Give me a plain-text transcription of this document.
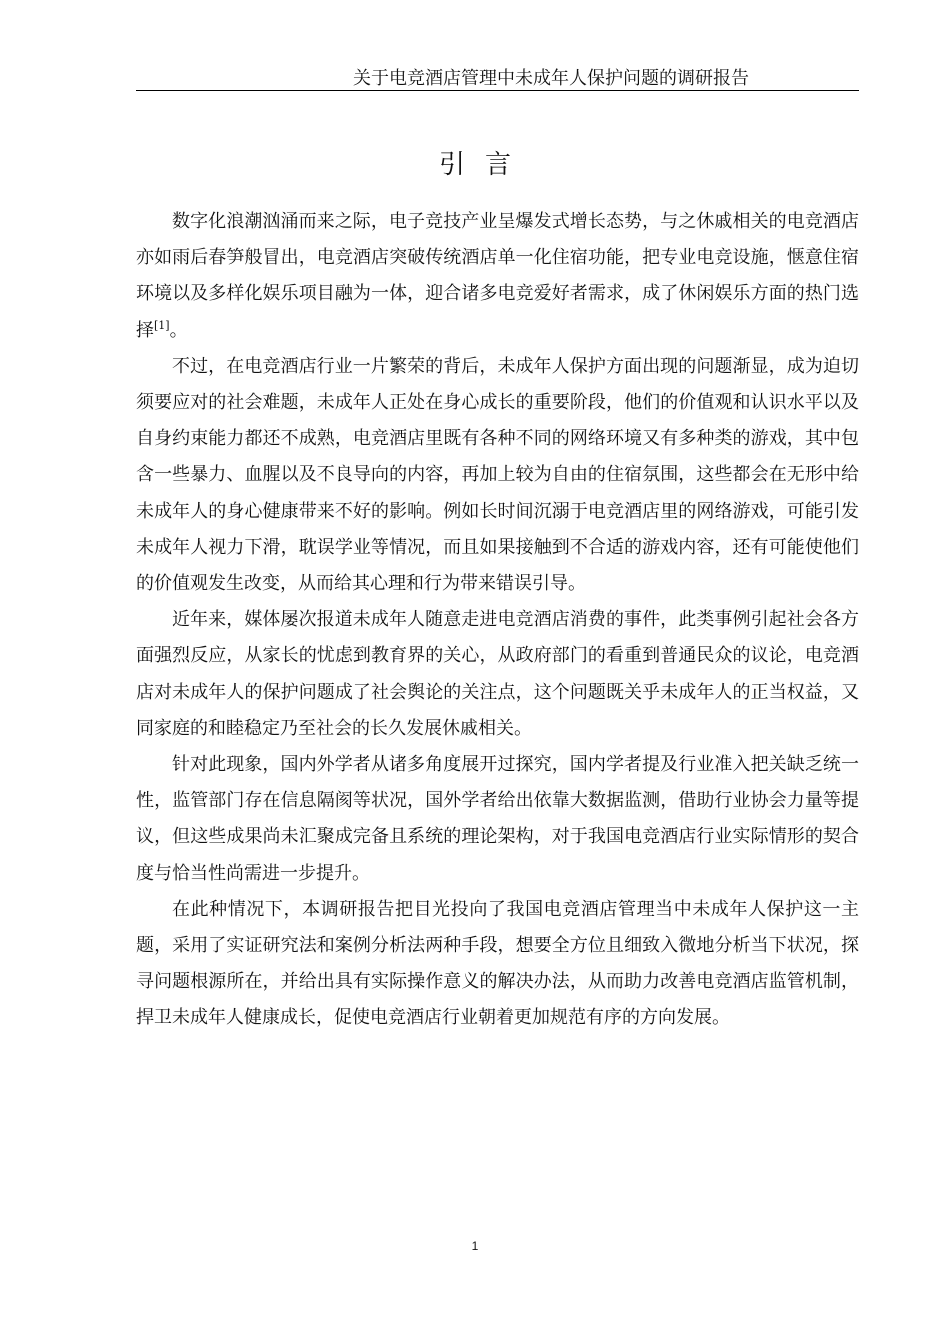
关于电竞酒店管理中未成年人保护问题的调研报告
引言

数字化浪潮汹涌而来之际，电子竞技产业呈爆发式增长态势，与之休戚相关的电竞酒店亦如雨后春笋般冒出，电竞酒店突破传统酒店单一化住宿功能，把专业电竞设施，惬意住宿环境以及多样化娱乐项目融为一体，迎合诸多电竞爱好者需求，成了休闲娱乐方面的热门选择[1]。

不过，在电竞酒店行业一片繁荣的背后，未成年人保护方面出现的问题渐显，成为迫切须要应对的社会难题，未成年人正处在身心成长的重要阶段，他们的价值观和认识水平以及自身约束能力都还不成熟，电竞酒店里既有各种不同的网络环境又有多种类的游戏，其中包含一些暴力、血腥以及不良导向的内容，再加上较为自由的住宿氛围，这些都会在无形中给未成年人的身心健康带来不好的影响。例如长时间沉溺于电竞酒店里的网络游戏，可能引发未成年人视力下滑，耽误学业等情况，而且如果接触到不合适的游戏内容，还有可能使他们的价值观发生改变，从而给其心理和行为带来错误引导。

近年来，媒体屡次报道未成年人随意走进电竞酒店消费的事件，此类事例引起社会各方面强烈反应，从家长的忧虑到教育界的关心，从政府部门的看重到普通民众的议论，电竞酒店对未成年人的保护问题成了社会舆论的关注点，这个问题既关乎未成年人的正当权益，又同家庭的和睦稳定乃至社会的长久发展休戚相关。

针对此现象，国内外学者从诸多角度展开过探究，国内学者提及行业准入把关缺乏统一性，监管部门存在信息隔阂等状况，国外学者给出依靠大数据监测，借助行业协会力量等提议，但这些成果尚未汇聚成完备且系统的理论架构，对于我国电竞酒店行业实际情形的契合度与恰当性尚需进一步提升。

在此种情况下，本调研报告把目光投向了我国电竞酒店管理当中未成年人保护这一主题，采用了实证研究法和案例分析法两种手段，想要全方位且细致入微地分析当下状况，探寻问题根源所在，并给出具有实际操作意义的解决办法，从而助力改善电竞酒店监管机制，捍卫未成年人健康成长，促使电竞酒店行业朝着更加规范有序的方向发展。

1
